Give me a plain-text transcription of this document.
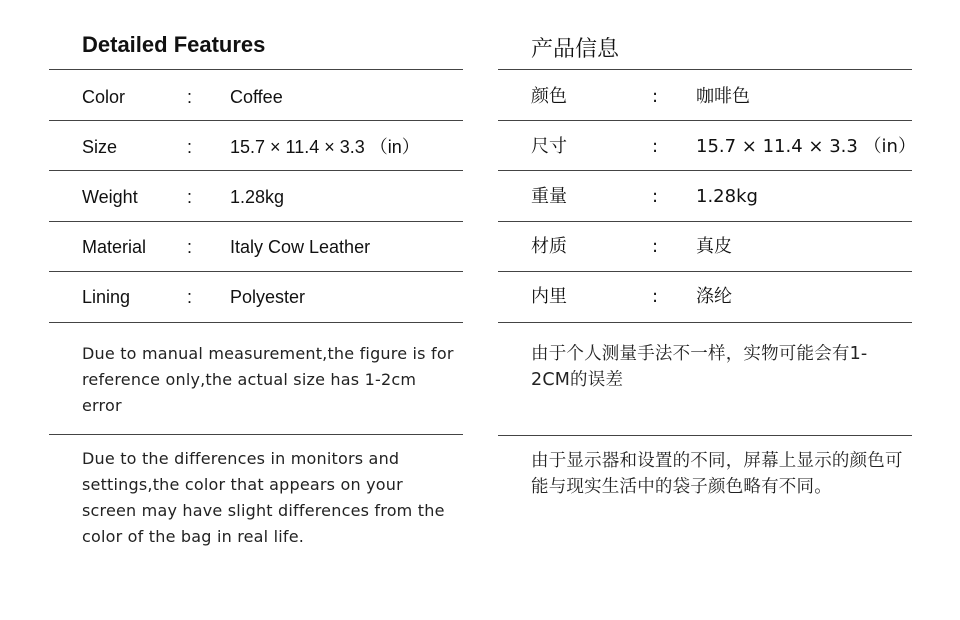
Detailed Features
Color	: Coffee
Size	: 15.7 × 11.4 × 3.3 （in）
Weight	: 1.28kg
Material : Italy Cow Leather
Lining	: Polyester
Due to manual measurement,the figure is for reference only,the actual size has 1-2cm error
Due to the differences in monitors and settings,the color that appears on your screen may have slight differences from the color of the bag in real life.
产品信息
颜色	: 咖啡色
尺寸	: 15.7 × 11.4 × 3.3 （in）
重量	: 1.28kg
材质	: 真皮
内里	: 涤纶
由于个人测量手法不一样，实物可能会有1-2CM的误差
由于显示器和设置的不同，屏幕上显示的颜色可能与现实生活中的袋子颜色略有不同。
